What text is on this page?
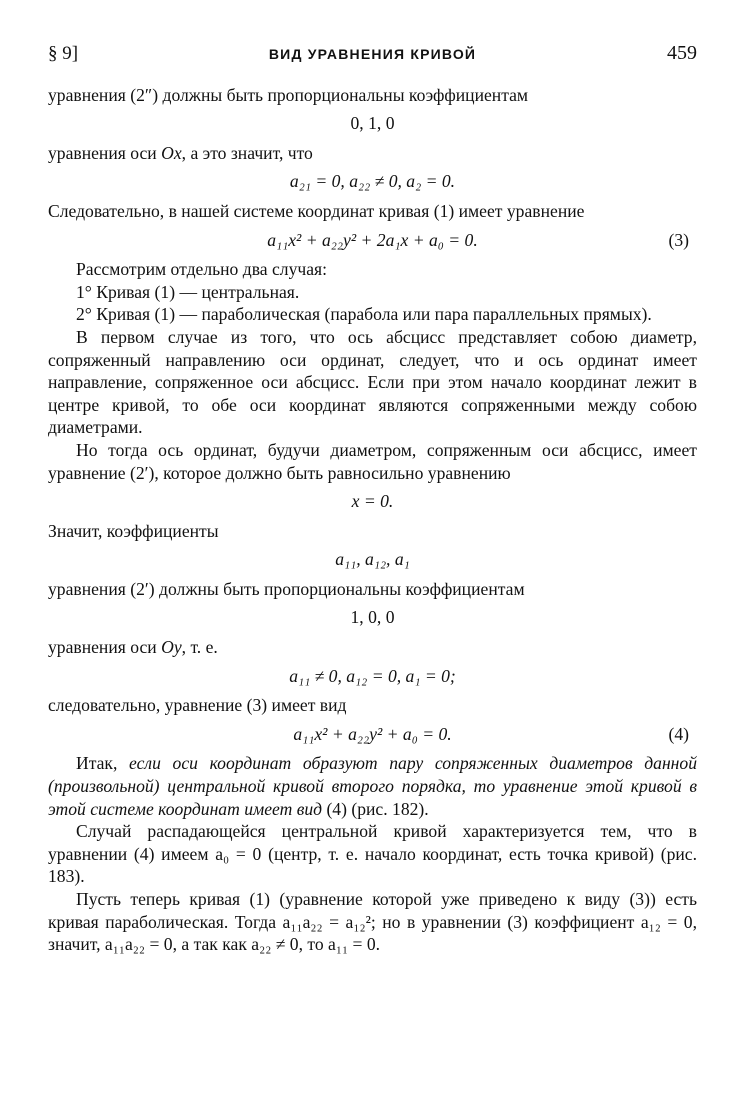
§ 9]	ВИД УРАВНЕНИЯ КРИВОЙ	459

уравнения (2″) должны быть пропорциональны коэффициентам

0, 1, 0

уравнения оси Ox, а это значит, что

a₂₁ = 0, a₂₂ ≠ 0, a₂ = 0.

Следовательно, в нашей системе координат кривая (1) имеет уравнение

a₁₁x² + a₂₂y² + 2a₁x + a₀ = 0.	(3)

Рассмотрим отдельно два случая:

1° Кривая (1) — центральная.

2° Кривая (1) — параболическая (парабола или пара параллельных прямых).

В первом случае из того, что ось абсцисс представляет собою диаметр, сопряженный направлению оси ординат, следует, что и ось ординат имеет направление, сопряженное оси абсцисс. Если при этом начало координат лежит в центре кривой, то обе оси координат являются сопряженными между собою диаметрами.

Но тогда ось ординат, будучи диаметром, сопряженным оси абсцисс, имеет уравнение (2′), которое должно быть равносильно уравнению

x = 0.

Значит, коэффициенты

a₁₁, a₁₂, a₁

уравнения (2′) должны быть пропорциональны коэффициентам

1, 0, 0

уравнения оси Oy, т. е.

a₁₁ ≠ 0, a₁₂ = 0, a₁ = 0;

следовательно, уравнение (3) имеет вид

a₁₁x² + a₂₂y² + a₀ = 0.	(4)

Итак, если оси координат образуют пару сопряженных диаметров данной (произвольной) центральной кривой второго порядка, то уравнение этой кривой в этой системе координат имеет вид (4) (рис. 182).

Случай распадающейся центральной кривой характеризуется тем, что в уравнении (4) имеем a₀ = 0 (центр, т. е. начало координат, есть точка кривой) (рис. 183).

Пусть теперь кривая (1) (уравнение которой уже приведено к виду (3)) есть кривая параболическая. Тогда a₁₁a₂₂ = a₁₂²; но в уравнении (3) коэффициент a₁₂ = 0, значит, a₁₁a₂₂ = 0, а так как a₂₂ ≠ 0, то a₁₁ = 0.
